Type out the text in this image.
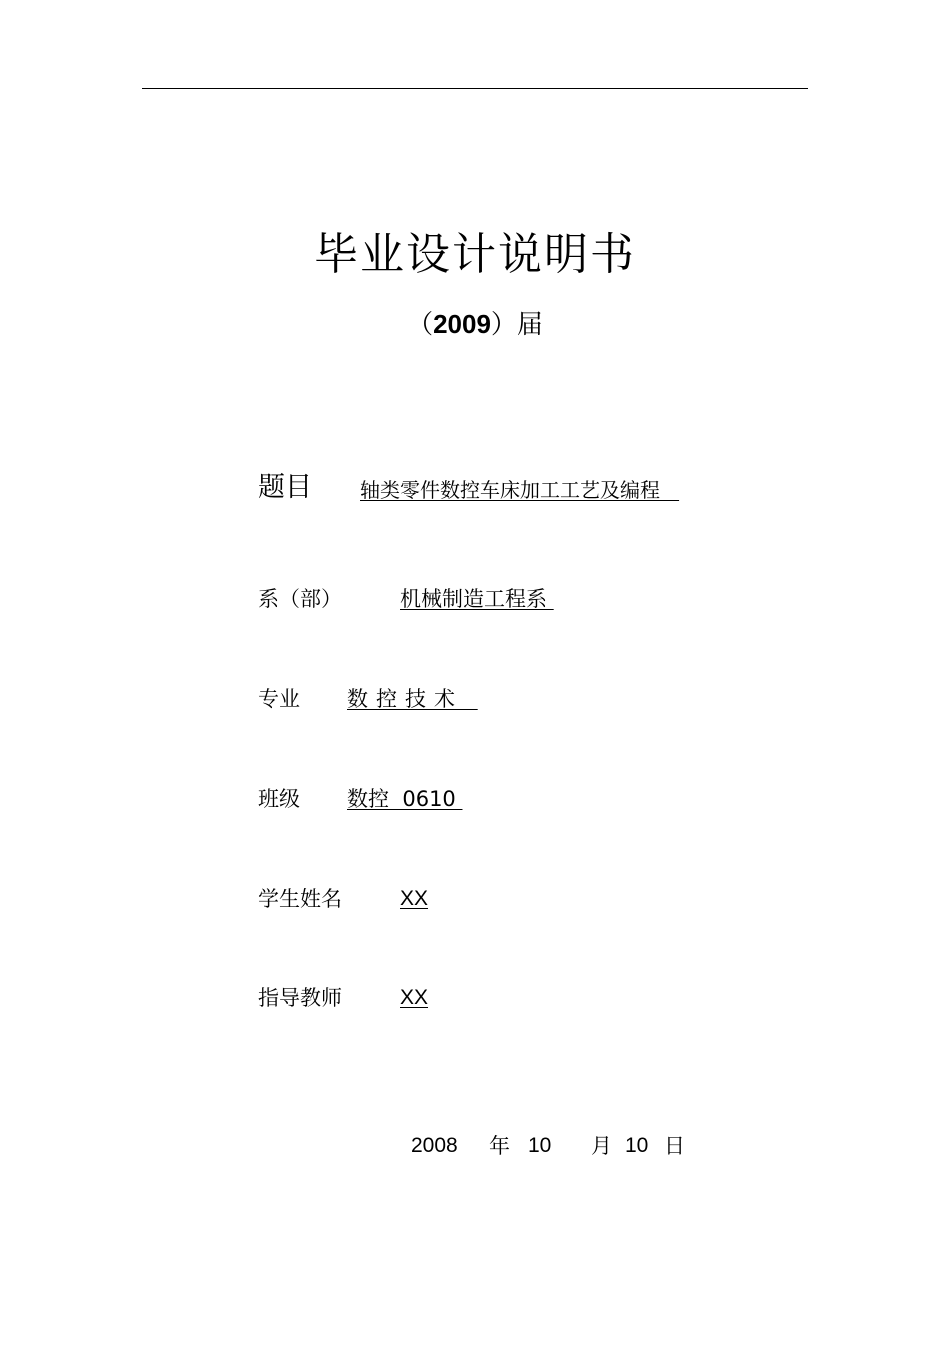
毕业设计说明书
（2009）届
题目 轴类零件数控车床加工工艺及编程
系（部）	机械制造工程系
专业 数控技术
班级 数控  0610
学生姓名	XX
指导教师	XX

2008

年

10

月

10

日
